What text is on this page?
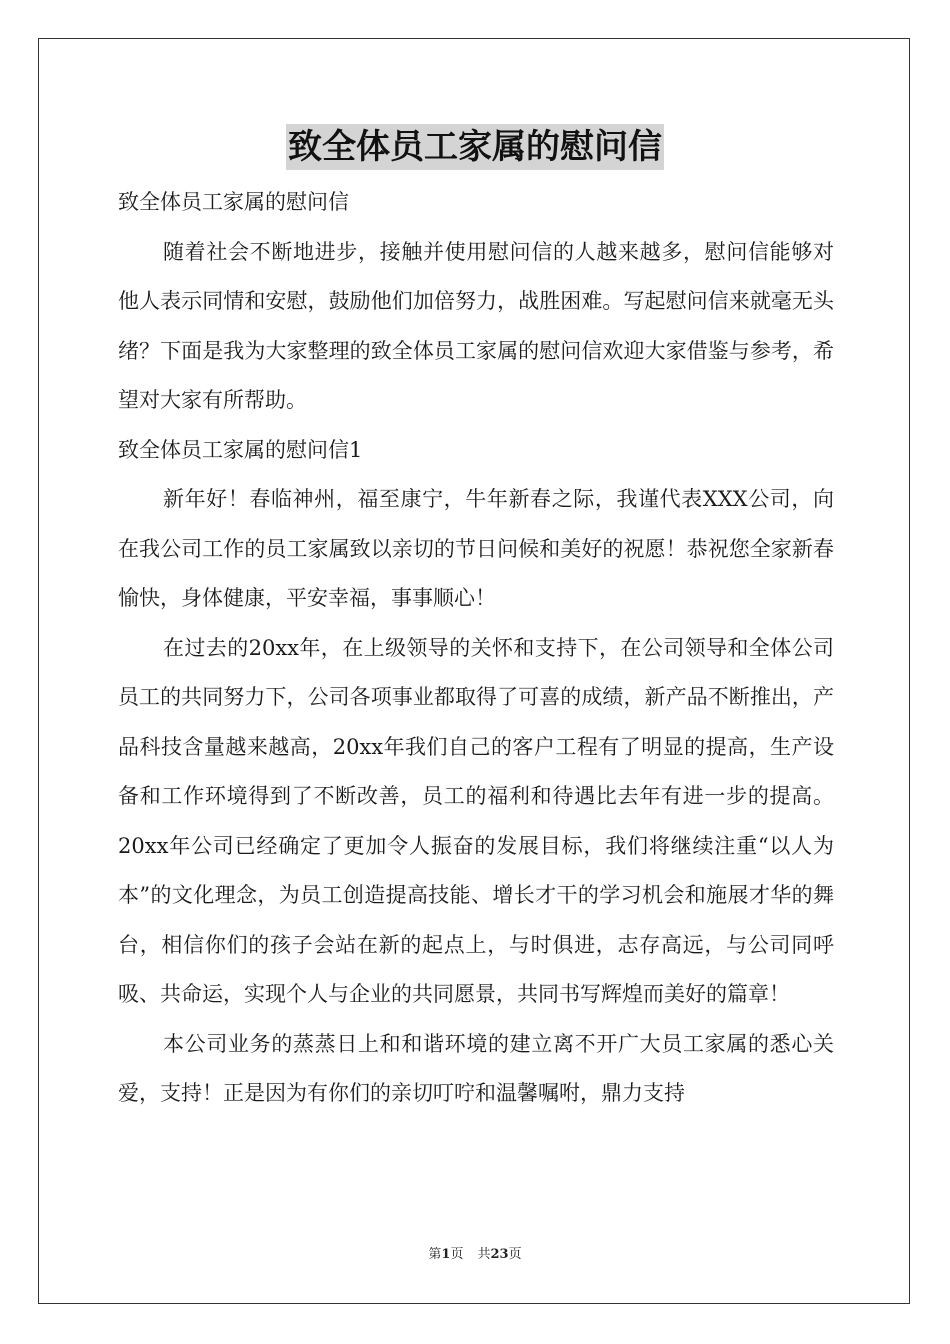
致全体员工家属的慰问信

致全体员工家属的慰问信

随着社会不断地进步，接触并使用慰问信的人越来越多，慰问信能够对他人表示同情和安慰，鼓励他们加倍努力，战胜困难。写起慰问信来就毫无头绪？下面是我为大家整理的致全体员工家属的慰问信欢迎大家借鉴与参考，希望对大家有所帮助。

致全体员工家属的慰问信1

新年好！春临神州，福至康宁，牛年新春之际，我谨代表XXX公司，向在我公司工作的员工家属致以亲切的节日问候和美好的祝愿！恭祝您全家新春愉快，身体健康，平安幸福，事事顺心！

在过去的20xx年，在上级领导的关怀和支持下，在公司领导和全体公司员工的共同努力下，公司各项事业都取得了可喜的成绩，新产品不断推出，产品科技含量越来越高，20xx年我们自己的客户工程有了明显的提高，生产设备和工作环境得到了不断改善，员工的福利和待遇比去年有进一步的提高。20xx年公司已经确定了更加令人振奋的发展目标，我们将继续注重“以人为本”的文化理念，为员工创造提高技能、增长才干的学习机会和施展才华的舞台，相信你们的孩子会站在新的起点上，与时俱进，志存高远，与公司同呼吸、共命运，实现个人与企业的共同愿景，共同书写辉煌而美好的篇章！

本公司业务的蒸蒸日上和和谐环境的建立离不开广大员工家属的悉心关爱，支持！正是因为有你们的亲切叮咛和温馨嘱咐，鼎力支持

第1页 共23页
